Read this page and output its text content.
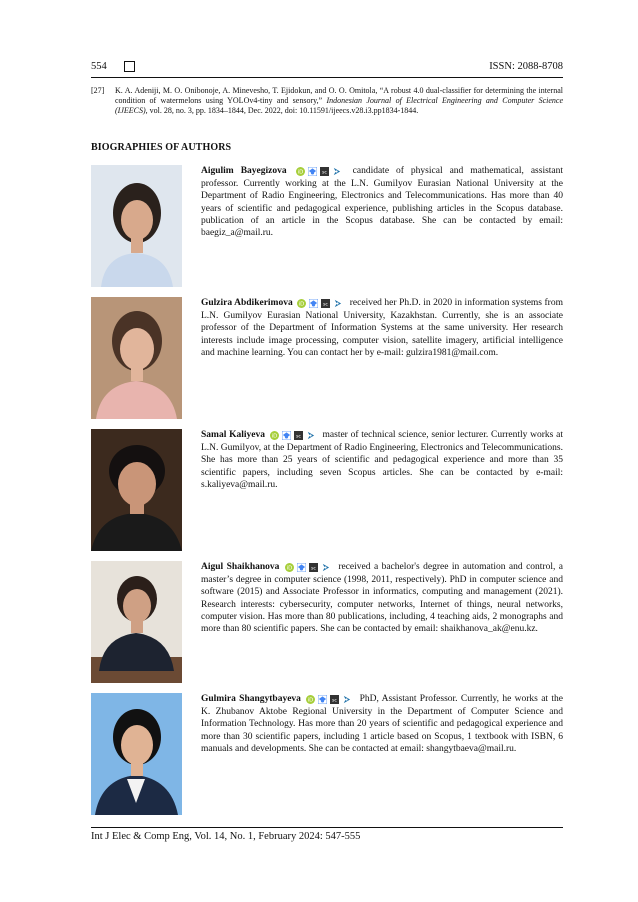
554	ISSN: 2088-8708
[27] K. A. Adeniji, M. O. Onibonoje, A. Minevesho, T. Ejidokun, and O. O. Omitola, “A robust 4.0 dual-classifier for determining the internal condition of watermelons using YOLOv4-tiny and sensory,” Indonesian Journal of Electrical Engineering and Computer Science (IJEECS), vol. 28, no. 3, pp. 1834–1844, Dec. 2022, doi: 10.11591/ijeecs.v28.i3.pp1834-1844.
BIOGRAPHIES OF AUTHORS
Aigulim Bayegizova iD	sc	candidate of physical and mathematical, assistant professor. Currently working at the L.N. Gumilyov Eurasian National University at the Department of Radio Engineering, Electronics and Telecommunications. Has more than 40 years of scientific and pedagogical experience, publishing articles in the Scopus database. publication of an article in the Scopus database. She can be contacted by email: baegiz_a@mail.ru.
Gulzira Abdikerimova iD	sc received her Ph.D. in 2020 in information systems from L.N. Gumilyov Eurasian National University, Kazakhstan. Currently, she is an associate professor of the Department of Information Systems at the same university. Her research interests include image processing, computer vision, satellite imagery, artificial intelligence and machine learning. You can contact her by e-mail: gulzira1981@mail.com.
Samal Kaliyeva iD	sc master of technical science, senior lecturer. Currently works at L.N. Gumilyov, at the Department of Radio Engineering, Electronics and Telecommunications. She has more than 25 years of scientific and pedagogical experience and more than 35 scientific papers, including seven Scopus articles. She can be contacted by e-mail: s.kaliyeva@mail.ru.
Aigul Shaikhanova iD	sc received a bachelor's degree in automation and control, a master’s degree in computer science (1998, 2011, respectively). PhD in computer science and software (2015) and Associate Professor in informatics, computing and management (2021). Research interests: cybersecurity, computer networks, Internet of things, neural networks, computer vision. Has more than 80 publications, including, 4 teaching aids, 2 monographs and more than 80 scientific papers. She can be contacted by email: shaikhanova_ak@enu.kz.
Gulmira Shangytbayeva iD	sc PhD, Assistant Professor. Currently, he works at the K. Zhubanov Aktobe Regional University in the Department of Computer Science and Information Technology. Has more than 20 years of scientific and pedagogical experience and more than 30 scientific papers, including 1 article based on Scopus, 1 textbook with ISBN, 6 manuals and developments. She can be contacted at email: shangytbaeva@mail.ru.
Int J Elec & Comp Eng, Vol. 14, No. 1, February 2024: 547-555
